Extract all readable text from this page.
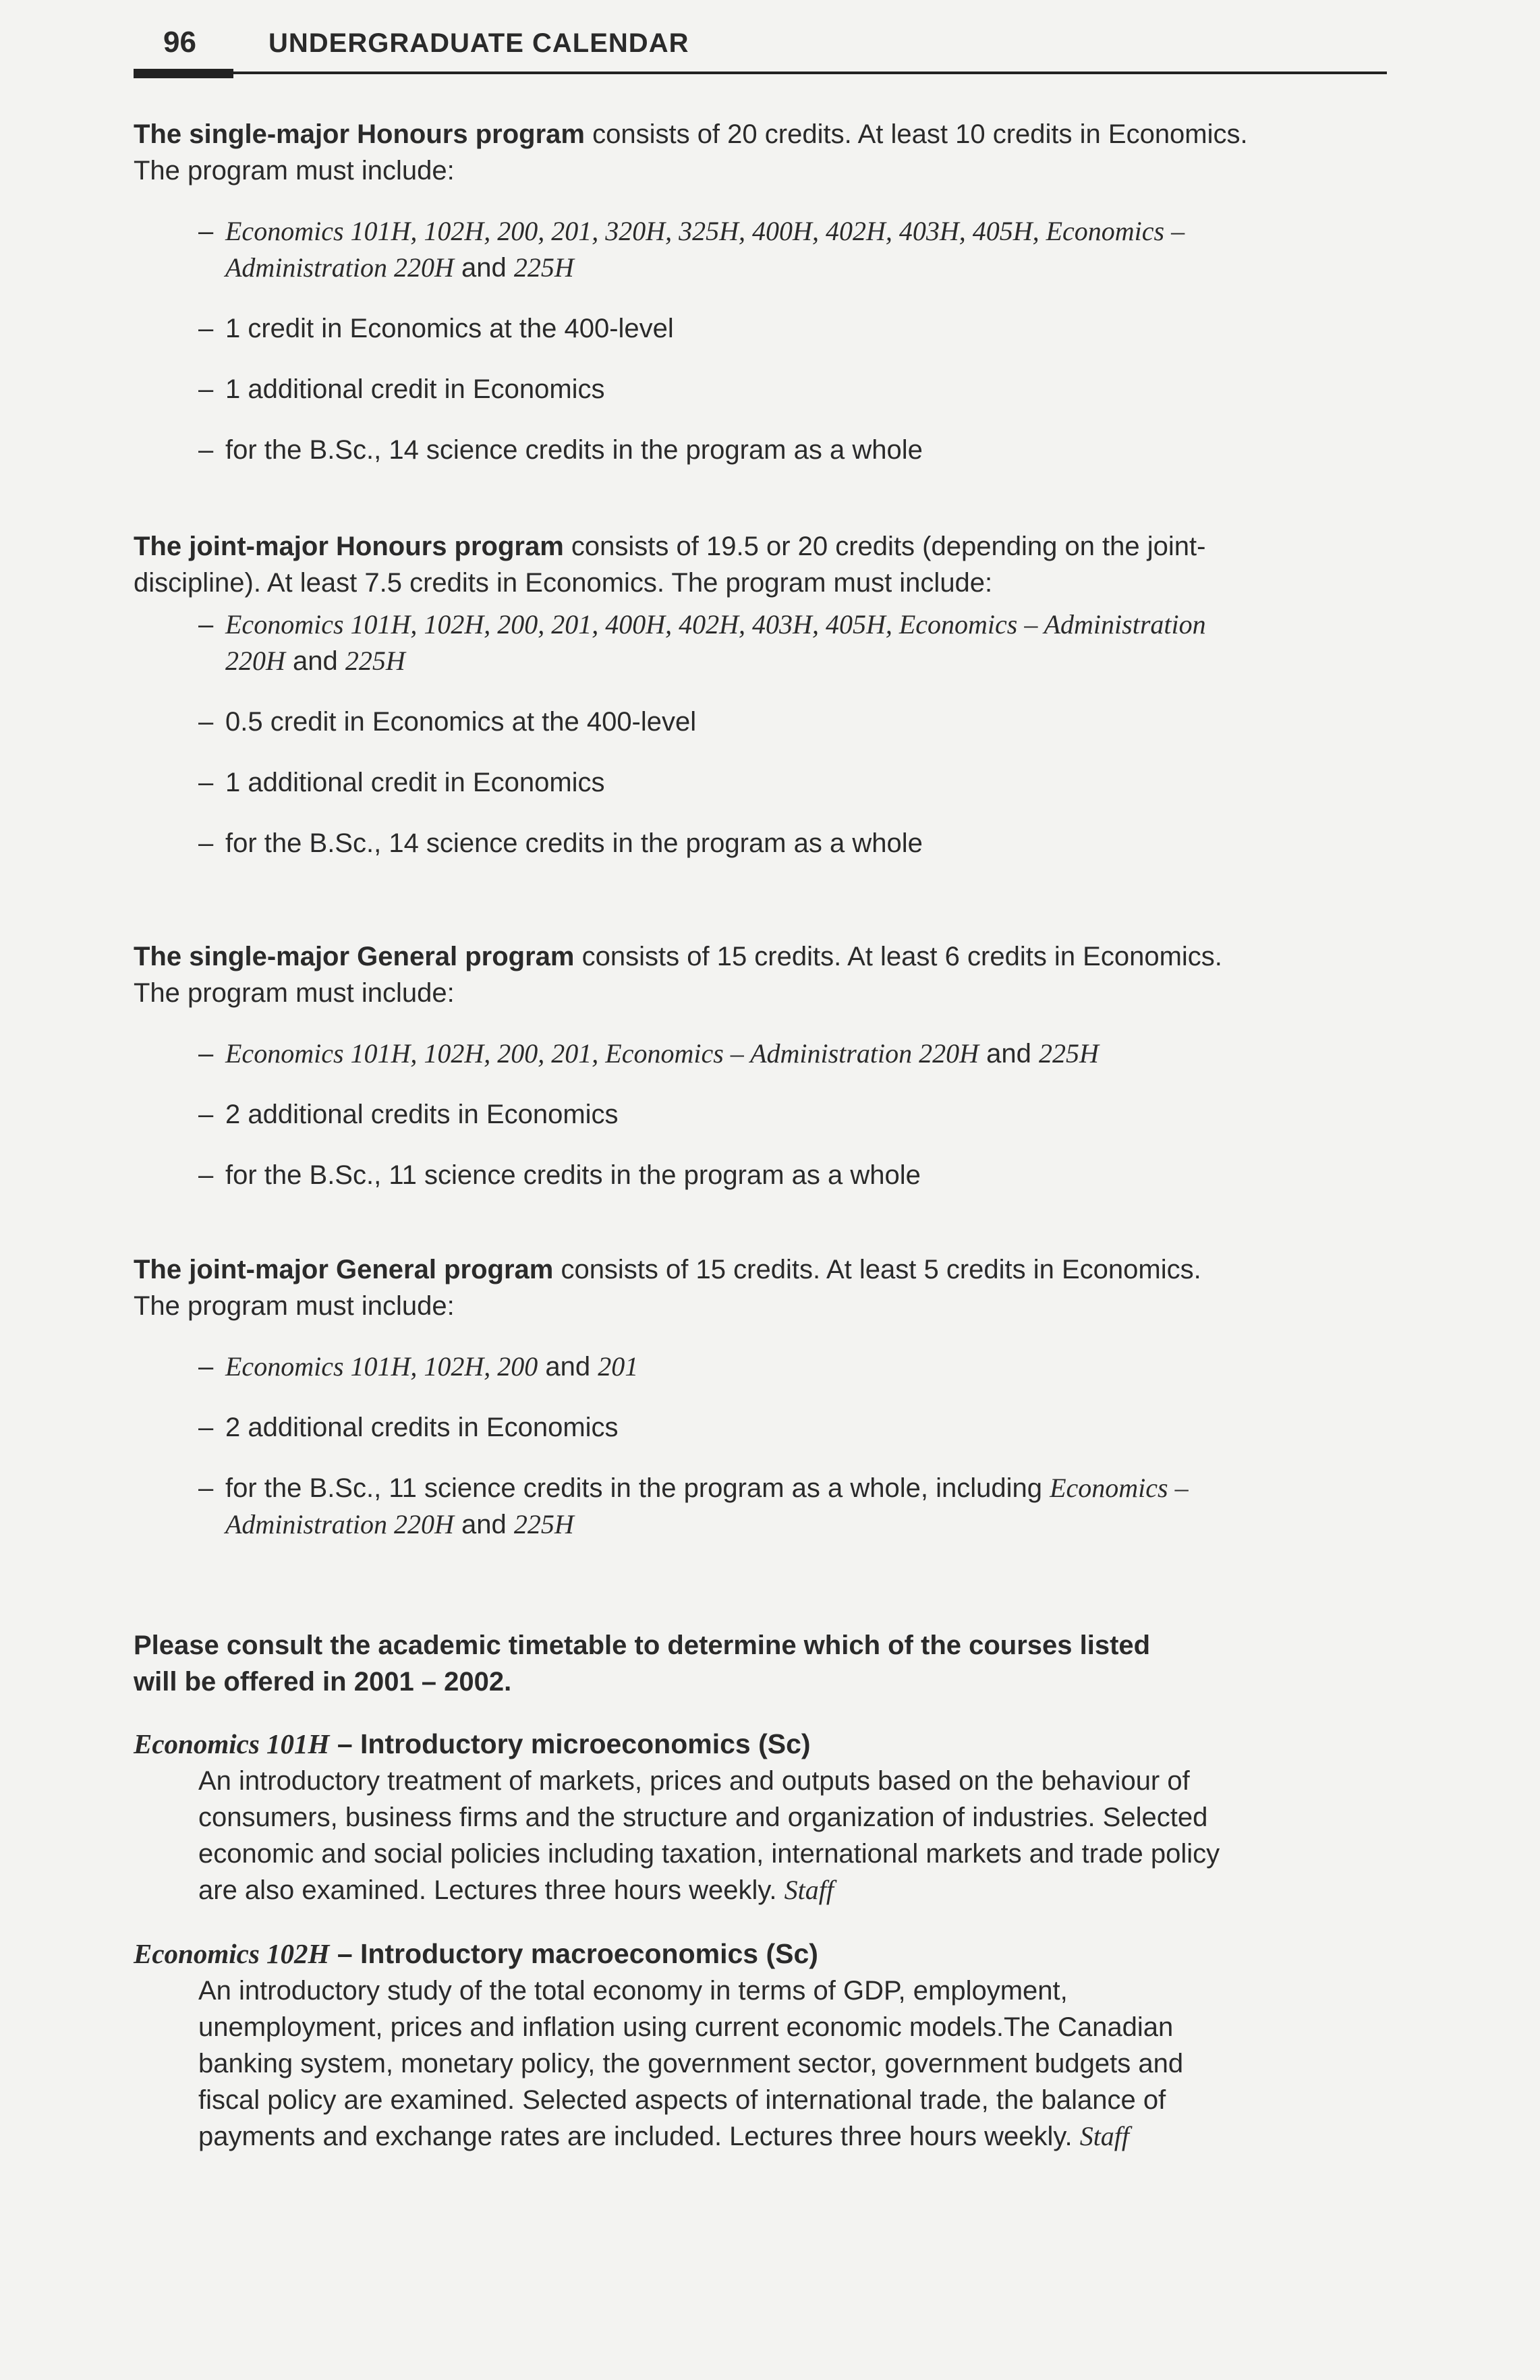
96	UNDERGRADUATE CALENDAR

The single-major Honours program consists of 20 credits. At least 10 credits in Economics.

The program must include:

– Economics 101H, 102H, 200, 201, 320H, 325H, 400H, 402H, 403H, 405H, Economics –
Administration 220H and 225H

– 1 credit in Economics at the 400-level

– 1 additional credit in Economics

– for the B.Sc., 14 science credits in the program as a whole

The joint-major Honours program consists of 19.5 or 20 credits (depending on the joint-

discipline). At least 7.5 credits in Economics. The program must include:

– Economics 101H, 102H, 200, 201, 400H, 402H, 403H, 405H, Economics – Administration
220H and 225H

– 0.5 credit in Economics at the 400-level

– 1 additional credit in Economics

– for the B.Sc., 14 science credits in the program as a whole

The single-major General program consists of 15 credits. At least 6 credits in Economics.

The program must include:

– Economics 101H, 102H, 200, 201, Economics – Administration 220H and 225H

– 2 additional credits in Economics

– for the B.Sc., 11 science credits in the program as a whole

The joint-major General program consists of 15 credits. At least 5 credits in Economics.

The program must include:

– Economics 101H, 102H, 200 and 201

– 2 additional credits in Economics

– for the B.Sc., 11 science credits in the program as a whole, including Economics –
Administration 220H and 225H

Please consult the academic timetable to determine which of the courses listed

will be offered in 2001 – 2002.

Economics 101H – Introductory microeconomics (Sc)

An introductory treatment of markets, prices and outputs based on the behaviour of
consumers, business firms and the structure and organization of industries. Selected
economic and social policies including taxation, international markets and trade policy
are also examined. Lectures three hours weekly. Staff

Economics 102H – Introductory macroeconomics (Sc)

An introductory study of the total economy in terms of GDP, employment,
unemployment, prices and inflation using current economic models.The Canadian
banking system, monetary policy, the government sector, government budgets and
fiscal policy are examined. Selected aspects of international trade, the balance of
payments and exchange rates are included. Lectures three hours weekly. Staff
